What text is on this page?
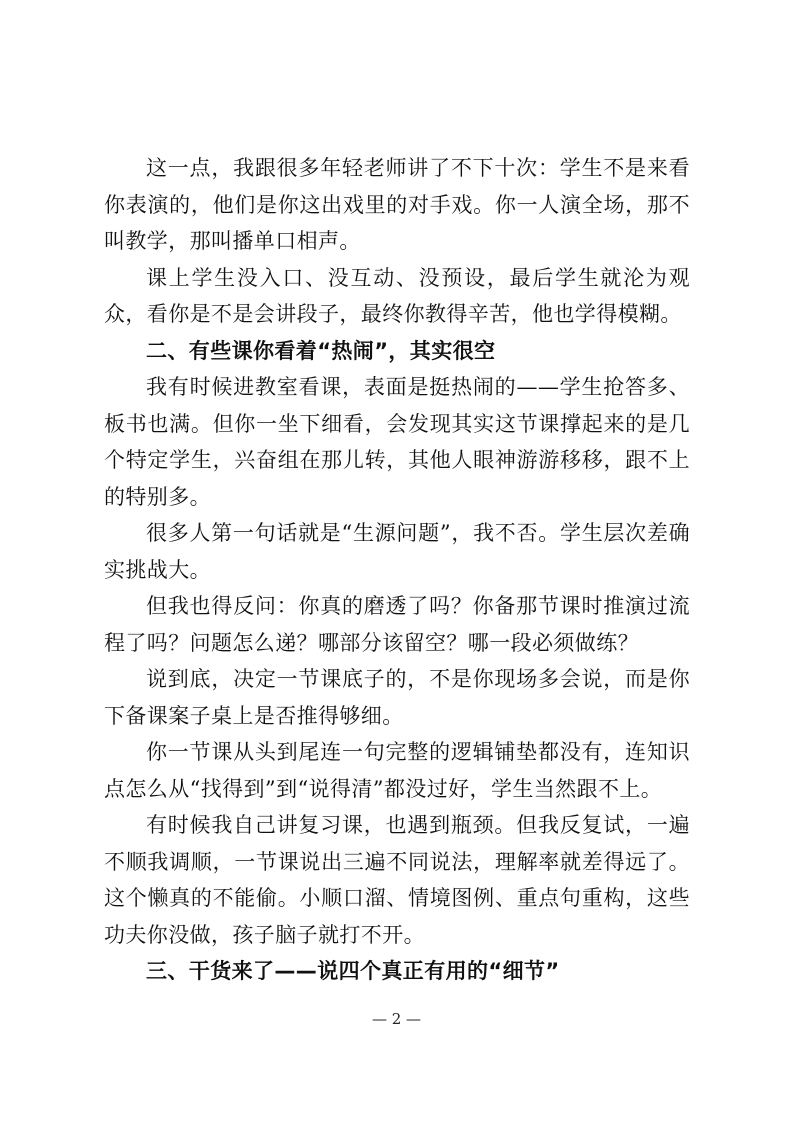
这一点，我跟很多年轻老师讲了不下十次：学生不是来看你表演的，他们是你这出戏里的对手戏。你一人演全场，那不叫教学，那叫播单口相声。

课上学生没入口、没互动、没预设，最后学生就沦为观众，看你是不是会讲段子，最终你教得辛苦，他也学得模糊。

二、有些课你看着“热闹”，其实很空

我有时候进教室看课，表面是挺热闹的——学生抢答多、板书也满。但你一坐下细看，会发现其实这节课撑起来的是几个特定学生，兴奋组在那儿转，其他人眼神游游移移，跟不上的特别多。

很多人第一句话就是“生源问题”，我不否。学生层次差确实挑战大。

但我也得反问：你真的磨透了吗？你备那节课时推演过流程了吗？问题怎么递？哪部分该留空？哪一段必须做练？

说到底，决定一节课底子的，不是你现场多会说，而是你下备课案子桌上是否推得够细。

你一节课从头到尾连一句完整的逻辑铺垫都没有，连知识点怎么从“找得到”到“说得清”都没过好，学生当然跟不上。

有时候我自己讲复习课，也遇到瓶颈。但我反复试，一遍不顺我调顺，一节课说出三遍不同说法，理解率就差得远了。这个懒真的不能偷。小顺口溜、情境图例、重点句重构，这些功夫你没做，孩子脑子就打不开。

三、干货来了——说四个真正有用的“细节”

— 2 —
